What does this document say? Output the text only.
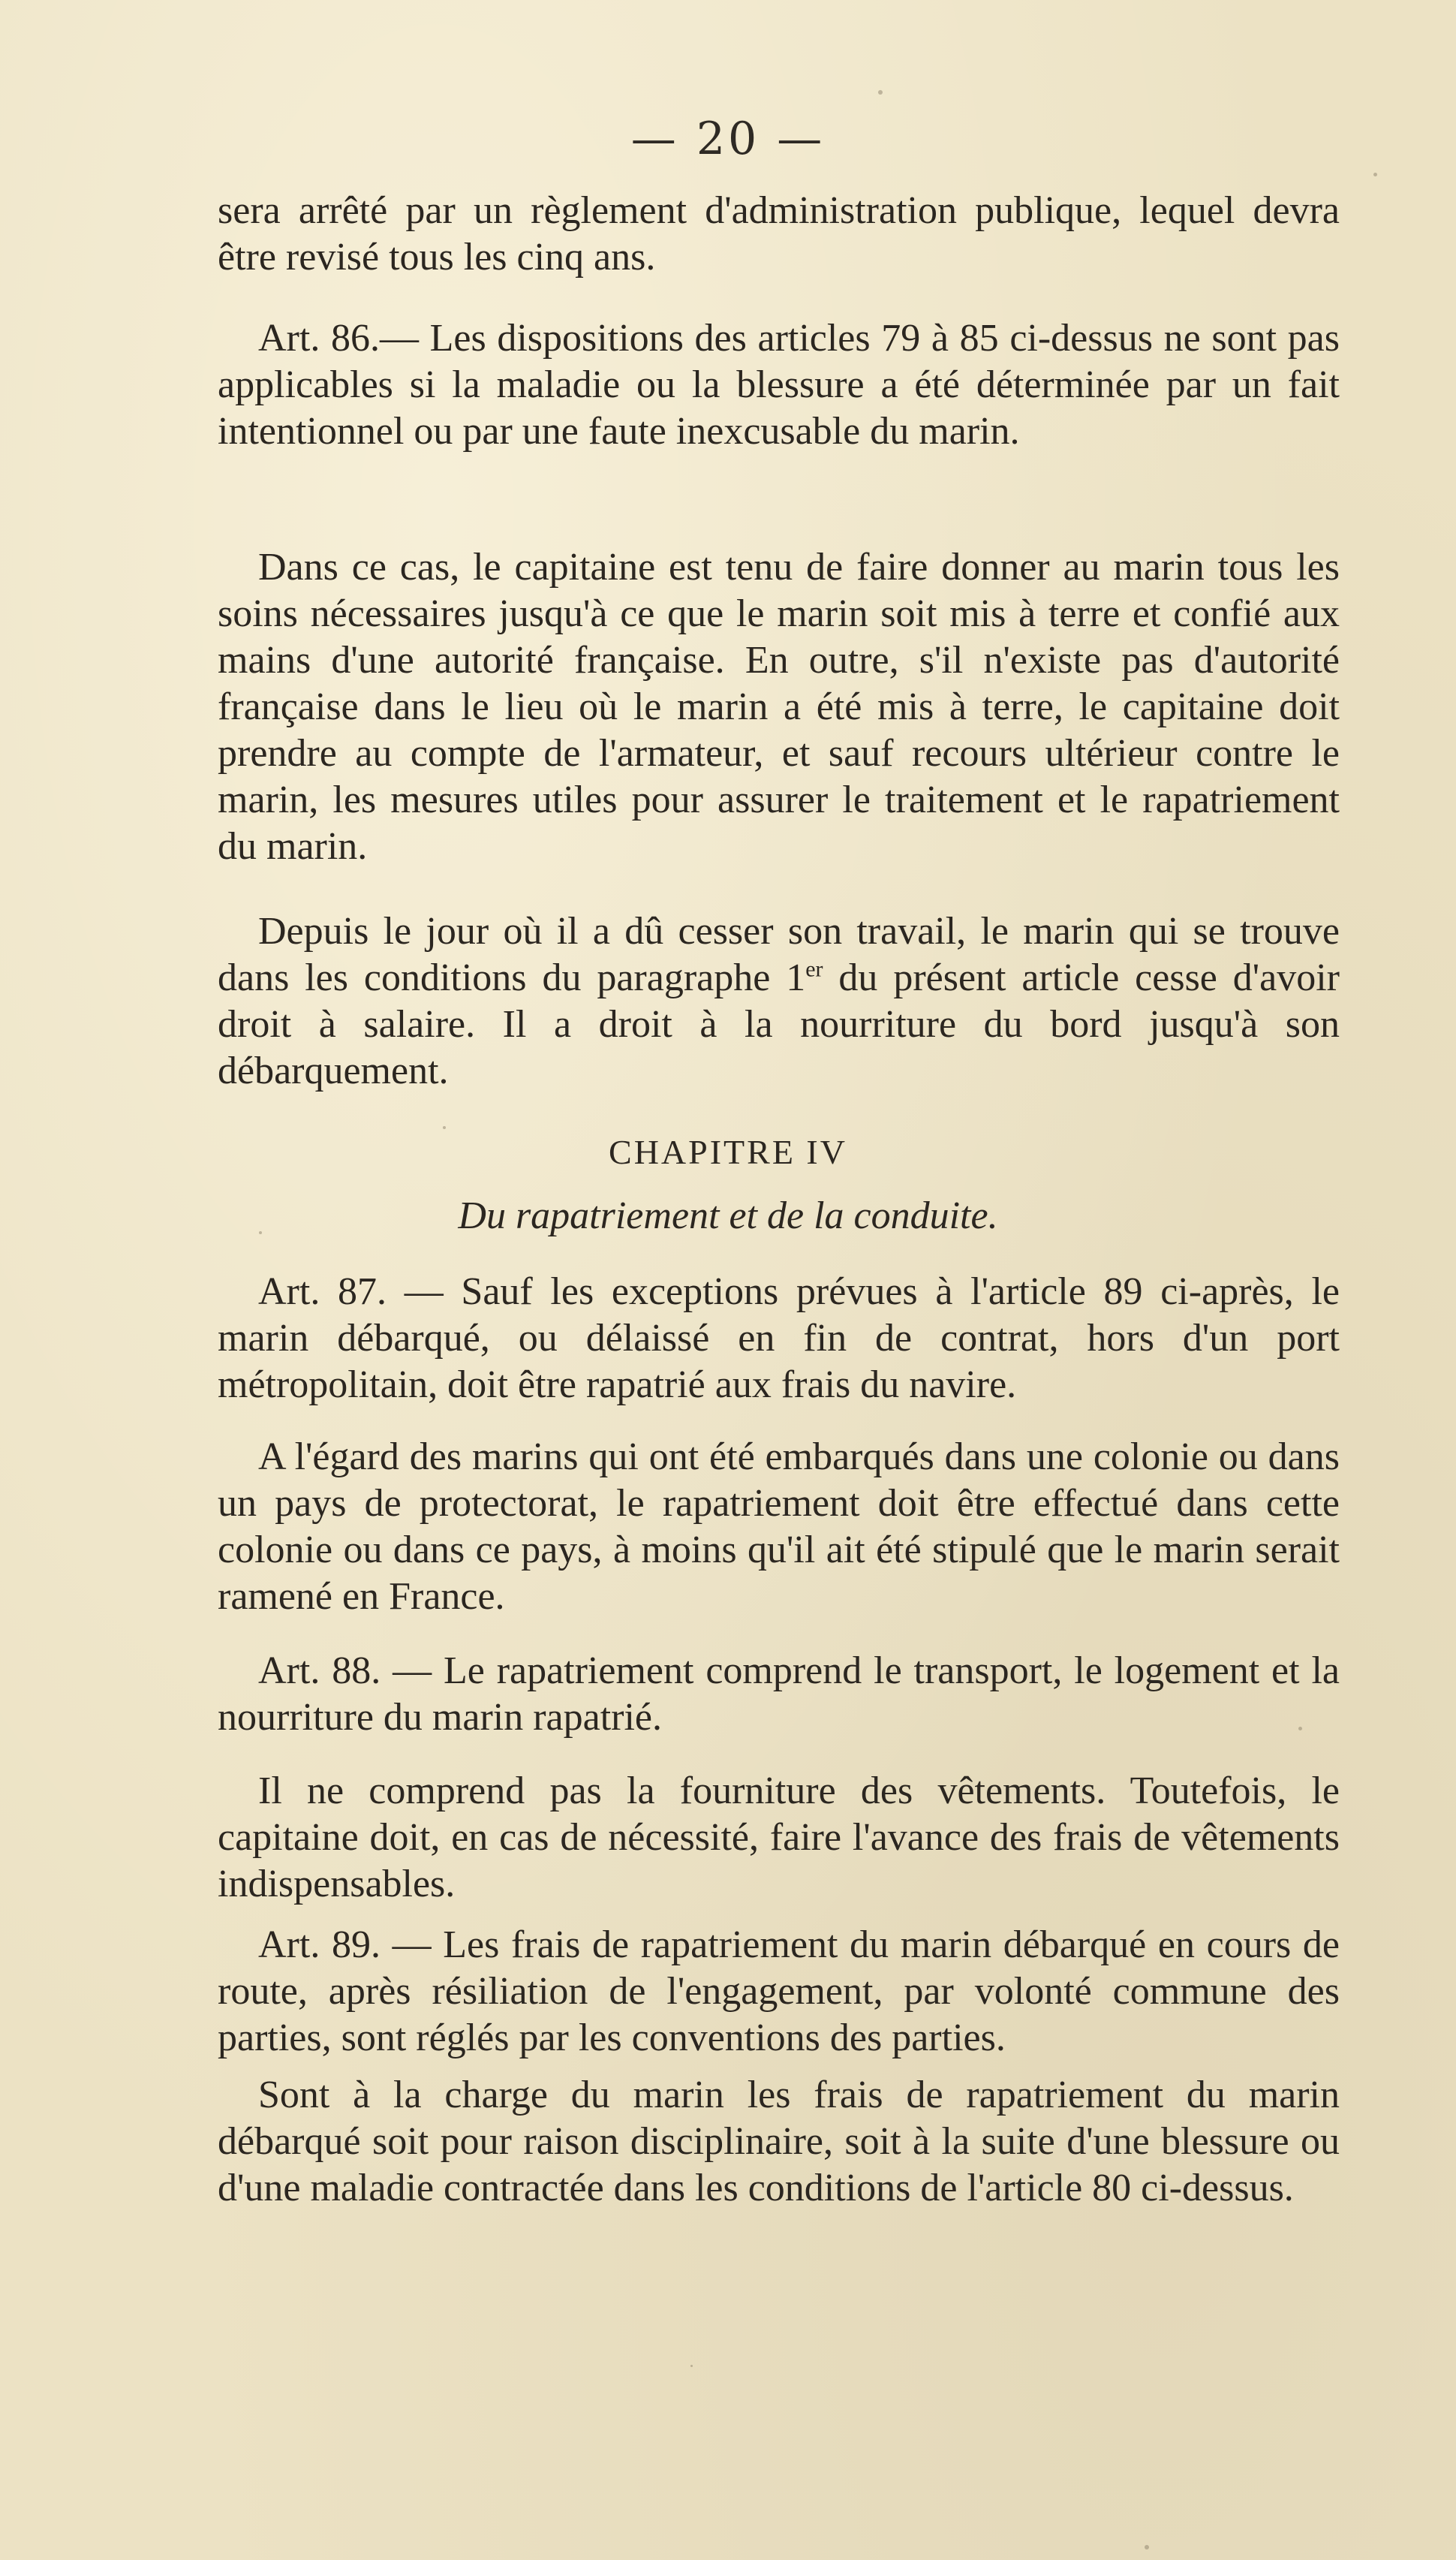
— 20 —

sera arrêté par un règlement d'administration publique, lequel devra être revisé tous les cinq ans.

Art. 86.— Les dispositions des articles 79 à 85 ci-dessus ne sont pas applicables si la maladie ou la blessure a été déterminée par un fait intentionnel ou par une faute inexcusable du marin.

Dans ce cas, le capitaine est tenu de faire donner au marin tous les soins nécessaires jusqu'à ce que le marin soit mis à terre et confié aux mains d'une autorité française. En outre, s'il n'existe pas d'autorité française dans le lieu où le marin a été mis à terre, le capitaine doit prendre au compte de l'armateur, et sauf recours ultérieur contre le marin, les mesures utiles pour assurer le traitement et le rapatriement du marin.

Depuis le jour où il a dû cesser son travail, le marin qui se trouve dans les conditions du paragraphe 1er du présent article cesse d'avoir droit à salaire. Il a droit à la nourriture du bord jusqu'à son débarquement.

CHAPITRE IV
Du rapatriement et de la conduite.

Art. 87. — Sauf les exceptions prévues à l'article 89 ci-après, le marin débarqué, ou délaissé en fin de contrat, hors d'un port métropolitain, doit être rapatrié aux frais du navire.

A l'égard des marins qui ont été embarqués dans une colonie ou dans un pays de protectorat, le rapatriement doit être effectué dans cette colonie ou dans ce pays, à moins qu'il ait été stipulé que le marin serait ramené en France.

Art. 88. — Le rapatriement comprend le transport, le logement et la nourriture du marin rapatrié.

Il ne comprend pas la fourniture des vêtements. Toutefois, le capitaine doit, en cas de nécessité, faire l'avance des frais de vêtements indispensables.

Art. 89. — Les frais de rapatriement du marin débarqué en cours de route, après résiliation de l'engagement, par volonté commune des parties, sont réglés par les conventions des parties.

Sont à la charge du marin les frais de rapatriement du marin débarqué soit pour raison disciplinaire, soit à la suite d'une blessure ou d'une maladie contractée dans les conditions de l'article 80 ci-dessus.
